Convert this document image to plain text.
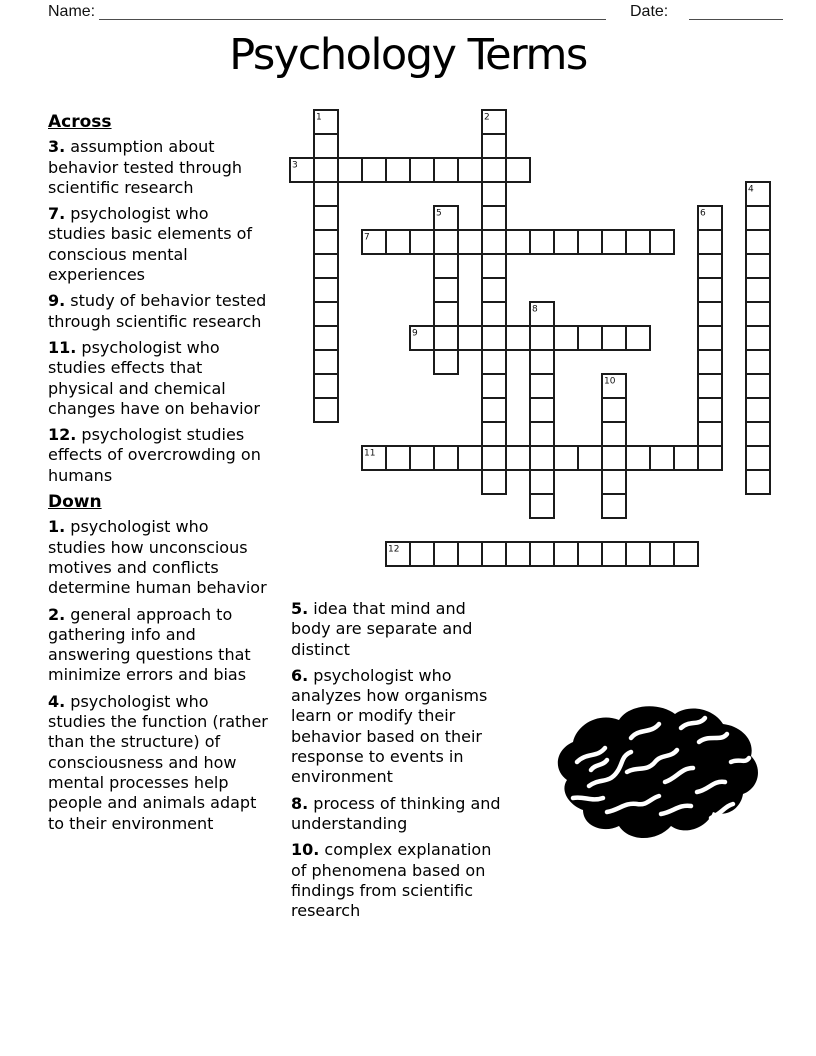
Name:	Date:
Psychology Terms
1	2
3
4
5	6
7
8
9
10
11
12
Across

3. assumption about behavior tested through scientific research

7. psychologist who studies basic elements of conscious mental experiences

9. study of behavior tested through scientific research

11. psychologist who studies effects that physical and chemical changes have on behavior

12. psychologist studies effects of overcrowding on humans

Down

1. psychologist who studies how unconscious motives and conflicts determine human behavior

2. general approach to gathering info and answering questions that minimize errors and bias

4. psychologist who studies the function (rather than the structure) of consciousness and how mental processes help people and animals adapt to their environment

5. idea that mind and body are separate and distinct

6. psychologist who analyzes how organisms learn or modify their behavior based on their response to events in environment

8. process of thinking and understanding

10. complex explanation of phenomena based on findings from scientific research
